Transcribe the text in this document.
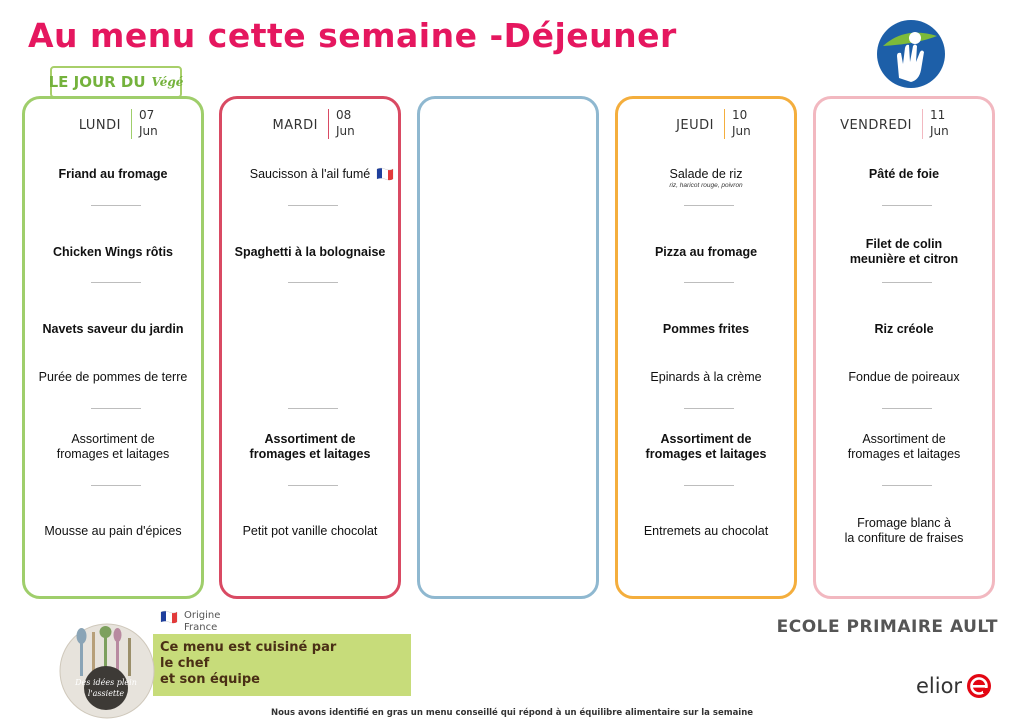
Au menu cette semaine -Déjeuner
LE JOUR DU Végé
LUNDI
07
Jun
Friand au fromage
Chicken Wings rôtis
Navets saveur du jardin
Purée de pommes de terre
Assortiment de
fromages et laitages
Mousse au pain d'épices
MARDI
08
Jun
Saucisson à l'ail fumé
Spaghetti à la bolognaise
Assortiment de
fromages et laitages
Petit pot vanille chocolat
JEUDI
10
Jun
Salade de riz
riz, haricot rouge, poivron
Pizza au fromage
Pommes frites
Epinards à la crème
Assortiment de
fromages et laitages
Entremets au chocolat
VENDREDI
11
Jun
Pâté de foie
Filet de colin
meunière et citron
Riz créole
Fondue de poireaux
Assortiment de
fromages et laitages
Fromage blanc à
la confiture de fraises
Origine
France
Ce menu est cuisiné par
le chef
et son équipe
Des idées plein
l'assiette
ECOLE PRIMAIRE AULT
elior
Nous avons identifié en gras un menu conseillé qui répond à un équilibre alimentaire sur la semaine
